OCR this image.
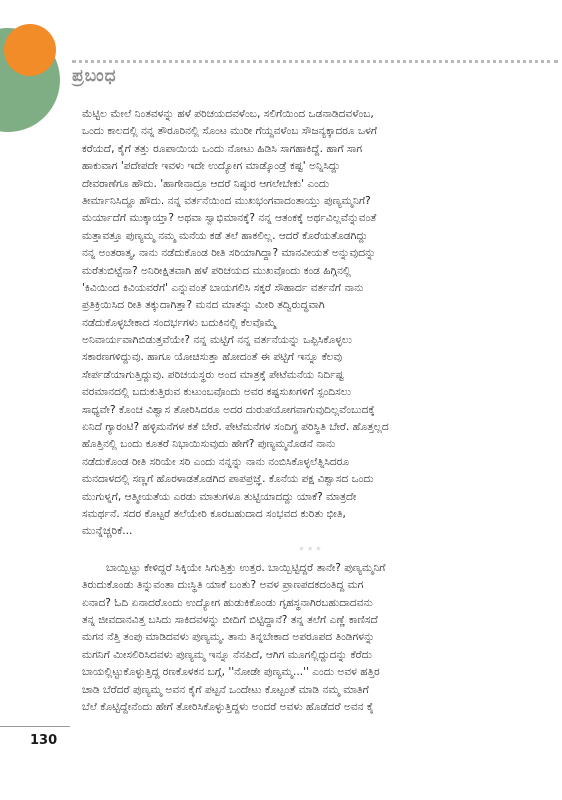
ಪ್ರಬಂಧ

ಮೆಟ್ಟಿಲ ಮೇಲೆ ನಿಂತವಳನ್ನು ಹಳೆ ಪರಿಚಯದವಳೆಂಬ, ಸಲಿಗೆಯಿಂದ ಒಡನಾಡಿದವಳೆಂಬ,
ಒಂದು ಕಾಲದಲ್ಲಿ ನನ್ನ ತೌರೂರಿನಲ್ಲಿ ಸೊಂಟ ಮುರೀ ಗೆಯ್ದವಳೆಂಬ ಸೌಜನ್ಯಕ್ಕಾದರೂ ಒಳಗೆ
ಕರೆಯದೆ, ಕೈಗೆ ತತ್ತು ರೂಪಾಯಿಯ ಒಂದು ನೋಟು ಹಿಡಿಸಿ ಸಾಗಹಾಕಿದ್ದೆ. ಹಾಗೆ ಸಾಗ
ಹಾಕುವಾಗ 'ಪದೇಪದೇ ಇವಳು ಇದೇ ಉದ್ಯೋಗ ಮಾಡ್ಕೊಂಡ್ರೆ ಕಷ್ಟ' ಅನ್ನಿಸಿದ್ದು
ದೇವರಾಣೆಗೂ ಹೌದು. 'ಹಾಗೇನಾದ್ರೂ ಆದರೆ ನಿಷ್ಠುರ ಆಗಲೇಬೇಕು' ಎಂದು
ತೀರ್ಮಾನಿಸಿದ್ದೂ ಹೌದು. ನನ್ನ ವರ್ತನೆಯಿಂದ ಮುಖಭಂಗವಾದಂತಾಯ್ತು ಪುಣ್ಯಮ್ಮನಿಗೆ?
ಮರ್ಯಾದೆಗೆ ಮುಕ್ಕಾಯ್ತಾ? ಅಥವಾ ಸ್ವಾಭಿಮಾನಕ್ಕೆ? ನನ್ನ ಆತಂಕಕ್ಕೆ ಅರ್ಥವಿಲ್ಲವೆನ್ನುವಂತೆ
ಮತ್ತಾವತ್ತೂ ಪುಣ್ಯಮ್ಮ ನಮ್ಮ ಮನೆಯ ಕಡೆ ತಲೆ ಹಾಕಲಿಲ್ಲ. ಆದರೆ ಕೊರೆಯತೊಡಗಿದ್ದು
ನನ್ನ ಅಂತರಾತ್ಮ, ನಾನು ನಡೆದುಕೊಂಡ ರೀತಿ ಸರಿಯಾಗಿದ್ದಾ? ಮಾನವೀಯತೆ ಅನ್ನುವುದನ್ನು
ಮರೆತುಬಿಟ್ಟೆನಾ? ಅನಿರೀಕ್ಷಿತವಾಗಿ ಹಳೆ ಪರಿಚಯದ ಮುಖವೊಂದು ಕಂಡ ಹಿಗ್ಗಿನಲ್ಲಿ
'ಕಿವಿಯಿಂದ ಕಿವಿಯವರೆಗೆ' ಎನ್ನುವಂತೆ ಬಾಯಗಲಿಸಿ ಸಕ್ಕರೆ ಸೌಹಾರ್ದ ವರ್ತನೆಗೆ ನಾನು
ಪ್ರತಿಕ್ರಿಯಿಸಿದ ರೀತಿ ತಕ್ಕುದಾಗಿತ್ತಾ? ಮನದ ಮಾತನ್ನು ಮೀರಿ ತದ್ವಿರುದ್ಧವಾಗಿ
ನಡೆದುಕೊಳ್ಳಬೇಕಾದ ಸಂದರ್ಭಗಳು ಬದುಕಿನಲ್ಲಿ ಕೆಲವೊಮ್ಮೆ
ಅನಿವಾರ್ಯವಾಗಿಬಿಡುತ್ತವೆಯೇ? ನನ್ನ ಮಟ್ಟಿಗೆ ನನ್ನ ವರ್ತನೆಯನ್ನು ಒಪ್ಪಿಸಿಕೊಳ್ಳಲು
ಸಕಾರಣಗಳಿದ್ದುವು. ಹಾಗೂ ಯೋಚಿಸುತ್ತಾ ಹೋದಂತೆ ಈ ಪಟ್ಟಿಗೆ ಇನ್ನೂ ಕೆಲವು
ಸೇರ್ಪಡೆಯಾಗುತ್ತಿದ್ದುವು. ಪರಿಚಯಸ್ಥರು ಅಂದ ಮಾತ್ರಕ್ಕೆ ಪೇಟೆಮನೆಯ ನಿರ್ದಿಷ್ಟ
ವರಮಾನದಲ್ಲಿ ಬದುಕುತ್ತಿರುವ ಕುಟುಂಬವೊಂದು ಅವರ ಕಷ್ಟಸುಖಗಳಿಗೆ ಸ್ಪಂದಿಸಲು
ಸಾಧ್ಯವೇ? ಕೊಂಚ ವಿಶ್ವಾಸ ತೋರಿಸಿದರೂ ಅದರ ದುರುಪಯೋಗವಾಗುವುದಿಲ್ಲವೆಂಬುದಕ್ಕೆ
ಏನಿದೆ ಗ್ಯಾರಂಟಿ? ಹಳ್ಳಿಮನೆಗಳ ಕತೆ ಬೇರೆ. ಪೇಟೆಮನೆಗಳ ಸಂದಿಗ್ಧ ಪರಿಸ್ಥಿತಿ ಬೇರೆ. ಹೊತ್ತಲ್ಲದ
ಹೊತ್ತಿನಲ್ಲಿ ಬಂದು ಕೂತರೆ ನಿಭಾಯಿಸುವುದು ಹೇಗೆ? ಪುಣ್ಯಮ್ಮನೊಡನೆ ನಾನು
ನಡೆದುಕೊಂಡ ರೀತಿ ಸರಿಯೇ ಸರಿ ಎಂದು ನನ್ನನ್ನು ನಾನು ನಂಬಿಸಿಕೊಳ್ಳಲೆತ್ನಿಸಿದರೂ
ಮನದಾಳದಲ್ಲಿ ಸಣ್ಣಗೆ ಹೊರಳಾಡತೊಡಗಿದ ಪಾಪಪ್ರಜ್ಞೆ. ಕೊನೆಯ ಪಕ್ಷ ವಿಶ್ವಾಸದ ಒಂದು
ಮುಗುಳ್ನಗೆ, ಆತ್ಮೀಯತೆಯ ಎರಡು ಮಾತುಗಳೂ ತುಟ್ಟಿಯಾದದ್ದು ಯಾಕೆ? ಮಾತ್ರದೇ
ಸಮರ್ಥನೆ. ಸದರ ಕೊಟ್ಟರೆ ತಲೆಯೇರಿ ಕೂರಬಹುದಾದ ಸಂಭವದ ಕುರಿತು ಭೀತಿ,
ಮುನ್ನೆಚ್ಚರಿಕೆ...

***

ಬಾಯ್ಬಿಟ್ಟು ಕೇಳಿದ್ದರೆ ಸಿಕ್ಕಿಯೇ ಸಿಗುತ್ತಿತ್ತು ಉತ್ತರ. ಬಾಯ್ಬಿಟ್ಟಿದ್ದರೆ ತಾನೇ? ಪುಣ್ಯಮ್ಮನಿಗೆ
ತಿರುದುಕೊಂಡು ತಿನ್ನುವಂತಾ ದುಃಸ್ಥಿತಿ ಯಾಕೆ ಬಂತು? ಅವಳ ಪ್ರಾಣಪದಕದಂತಿದ್ದ ಮಗ
ಏನಾದ? ಓದಿ ಏನಾದರೊಂದು ಉದ್ಯೋಗ ಹುಡುಕಿಕೊಂಡು ಗೃಹಸ್ಥನಾಗಿರಬಹುದಾದವನು
ತನ್ನ ಜೀವದಾನವಿತ್ತ ಬಸಿದು ಸಾಕಿದವಳನ್ನು ಬೀದಿಗೆ ಬಿಟ್ಟಿದ್ದಾನೆ? ತನ್ನ ತಲೆಗೆ ಎಣ್ಣೆ ಕಾಣಿಸದೆ
ಮಗನ ನೆತ್ತಿ ತಂಪು ಮಾಡಿದವಳು ಪುಣ್ಯಮ್ಮ. ತಾನು ತಿನ್ನಬೇಕಾದ ಅಪರೂಪದ ತಿಂಡಿಗಳನ್ನು
ಮಗನಿಗೆ ಮೀಸಲಿರಿಸಿದವಳು ಪುಣ್ಯಮ್ಮ ಇನ್ನೂ ನೆನಪಿದೆ, ಆಗಿಗ ಮೂಗಲ್ಲಿದ್ದುದನ್ನು ಕೆರೆದು
ಬಾಯಲ್ಲಿಟ್ಟುಕೊಳ್ಳುತ್ತಿದ್ದ ರಣಕೊಳಕನ ಬಗ್ಗೆ, ''ನೋಡೇ ಪುಣ್ಯಮ್ಮ...'' ಎಂದು ಅವಳ ಹತ್ತಿರ
ಚಾಡಿ ಬೆರೆದರೆ ಪುಣ್ಯಮ್ಮ ಅವನ ಕೈಗೆ ಪಟ್ಟನೆ ಒಂದೇಟು ಕೊಟ್ಟಂತೆ ಮಾಡಿ ನಮ್ಮ ಮಾತಿಗೆ
ಬೆಲೆ ಕೊಟ್ಟಿದ್ದೇನೆಂದು ಹೇಗೆ ತೋರಿಸಿಕೊಳ್ಳುತ್ತಿದ್ದಳು ಅಂದರೆ ಅವಳು ಹೊಡೆದರೆ ಅವನ ಕೈ

130
